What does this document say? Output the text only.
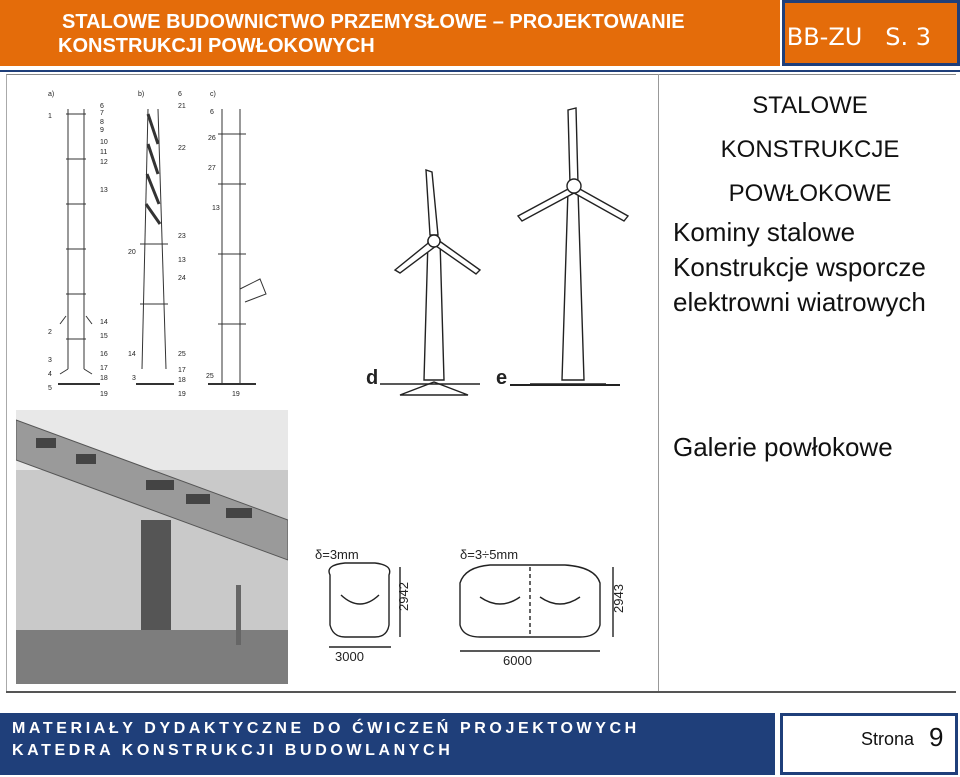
STALOWE BUDOWNICTWO PRZEMYSŁOWE – PROJEKTOWANIE
KONSTRUKCJI POWŁOKOWYCH	BB-ZU   S. 3
a)	b)	c)
1
6
7
8
9
10
11
12
13
2
14
15
3
16
4
17
18
5
19
6
21
22
20
23
13
24
14	25
3
17
18
19
6
26
27
13
25
19
d	e
δ=3mm
2942
3000
δ=3÷5mm
2943
6000
STALOWE
KONSTRUKCJE
POWŁOKOWE
Kominy stalowe
Konstrukcje wsporcze
elektrowni wiatrowych
Galerie powłokowe
MATERIAŁY DYDAKTYCZNE DO ĆWICZEŃ PROJEKTOWYCH
KATEDRA KONSTRUKCJI BUDOWLANYCH
Strona 9
